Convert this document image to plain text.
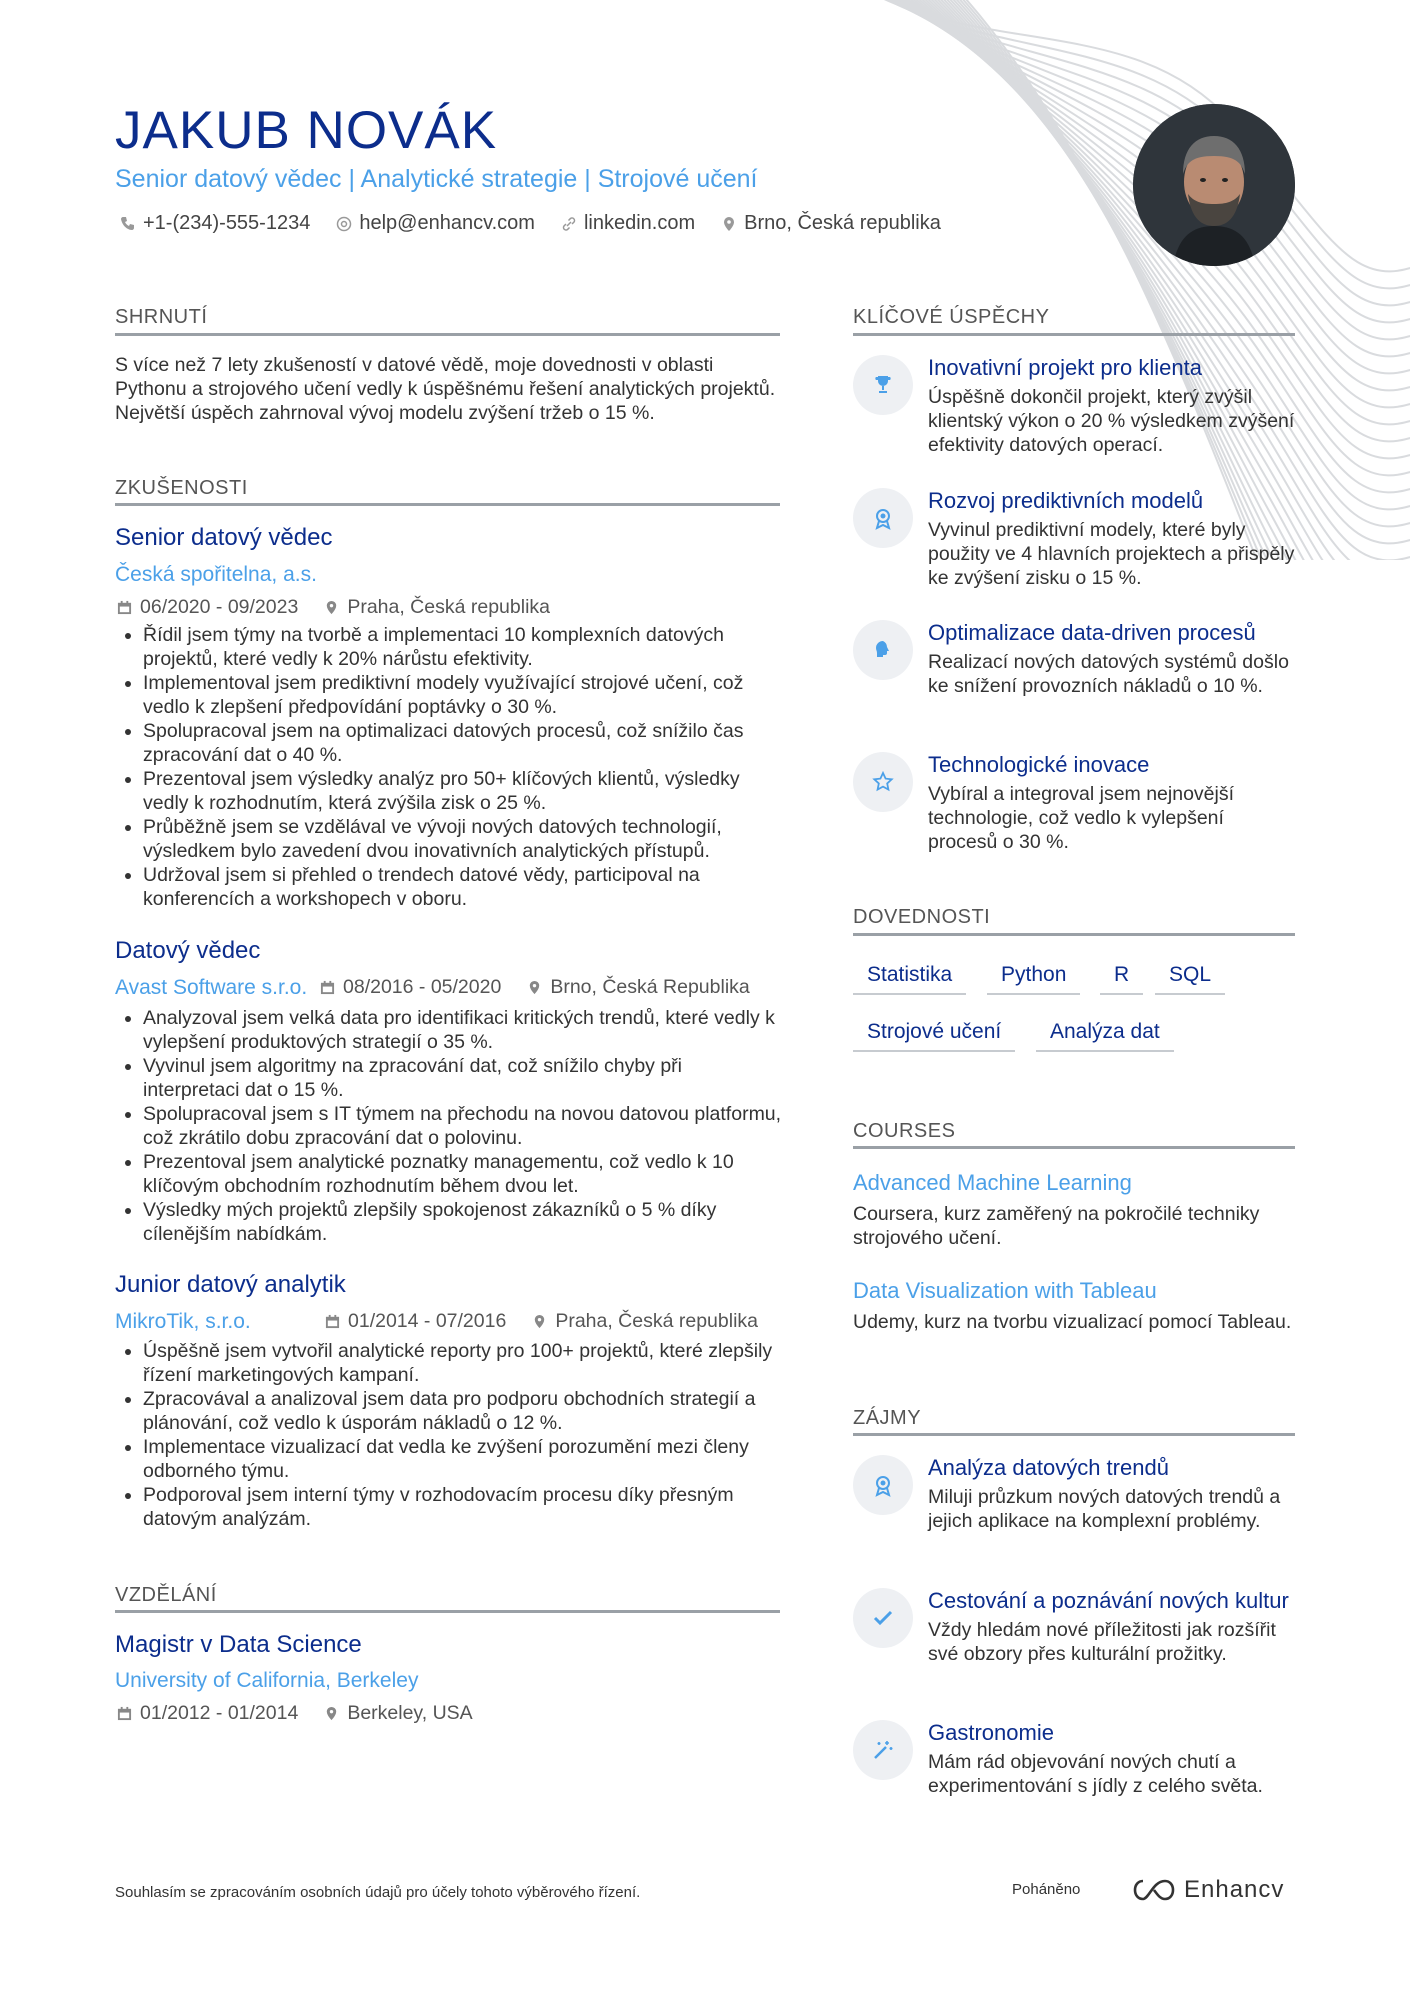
JAKUB NOVÁK
Senior datový vědec | Analytické strategie | Strojové učení
+1-(234)-555-1234 help@enhancv.com linkedin.com Brno, Česká republika
SHRNUTÍ

S více než 7 lety zkušeností v datové vědě, moje dovednosti v oblasti Pythonu a strojového učení vedly k úspěšnému řešení analytických projektů. Největší úspěch zahrnoval vývoj modelu zvýšení tržeb o 15 %.

ZKUŠENOSTI
Senior datový vědec
Česká spořitelna, a.s.
06/2020 - 09/2023	Praha, Česká republika
• Řídil jsem týmy na tvorbě a implementaci 10 komplexních datových projektů, které vedly k 20% nárůstu efektivity.
• Implementoval jsem prediktivní modely využívající strojové učení, což vedlo k zlepšení předpovídání poptávky o 30 %.
• Spolupracoval jsem na optimalizaci datových procesů, což snížilo čas zpracování dat o 40 %.
• Prezentoval jsem výsledky analýz pro 50+ klíčových klientů, výsledky vedly k rozhodnutím, která zvýšila zisk o 25 %.
• Průběžně jsem se vzdělával ve vývoji nových datových technologií, výsledkem bylo zavedení dvou inovativních analytických přístupů.
• Udržoval jsem si přehled o trendech datové vědy, participoval na konferencích a workshopech v oboru.
Datový vědec
Avast Software s.r.o. 08/2016 - 05/2020	Brno, Česká Republika
• Analyzoval jsem velká data pro identifikaci kritických trendů, které vedly k vylepšení produktových strategií o 35 %.
• Vyvinul jsem algoritmy na zpracování dat, což snížilo chyby při interpretaci dat o 15 %.
• Spolupracoval jsem s IT týmem na přechodu na novou datovou platformu, což zkrátilo dobu zpracování dat o polovinu.
• Prezentoval jsem analytické poznatky managementu, což vedlo k 10 klíčovým obchodním rozhodnutím během dvou let.
• Výsledky mých projektů zlepšily spokojenost zákazníků o 5 % díky cílenějším nabídkám.
Junior datový analytik
MikroTik, s.r.o.	01/2014 - 07/2016	Praha, Česká republika
• Úspěšně jsem vytvořil analytické reporty pro 100+ projektů, které zlepšily řízení marketingových kampaní.
• Zpracovával a analizoval jsem data pro podporu obchodních strategií a plánování, což vedlo k úsporám nákladů o 12 %.
• Implementace vizualizací dat vedla ke zvýšení porozumění mezi členy odborného týmu.
• Podporoval jsem interní týmy v rozhodovacím procesu díky přesným datovým analýzám.
VZDĚLÁNÍ
Magistr v Data Science
University of California, Berkeley
01/2012 - 01/2014	Berkeley, USA
KLÍČOVÉ ÚSPĚCHY
Inovativní projekt pro klienta

Úspěšně dokončil projekt, který zvýšil klientský výkon o 20 % výsledkem zvýšení efektivity datových operací.

Rozvoj prediktivních modelů

Vyvinul prediktivní modely, které byly použity ve 4 hlavních projektech a přispěly ke zvýšení zisku o 15 %.

Optimalizace data-driven procesů

Realizací nových datových systémů došlo ke snížení provozních nákladů o 10 %.

Technologické inovace

Vybíral a integroval jsem nejnovější technologie, což vedlo k vylepšení procesů o 30 %.

DOVEDNOSTI
Statistika	Python	R	SQL
Strojové učení	Analýza dat
COURSES
Advanced Machine Learning

Coursera, kurz zaměřený na pokročilé techniky strojového učení.

Data Visualization with Tableau

Udemy, kurz na tvorbu vizualizací pomocí Tableau.

ZÁJMY
Analýza datových trendů

Miluji průzkum nových datových trendů a jejich aplikace na komplexní problémy.

Cestování a poznávání nových kultur

Vždy hledám nové příležitosti jak rozšířit své obzory přes kulturální prožitky.

Gastronomie

Mám rád objevování nových chutí a experimentování s jídly z celého světa.

Souhlasím se zpracováním osobních údajů pro účely tohoto výběrového řízení.	Poháněno	Enhancv
